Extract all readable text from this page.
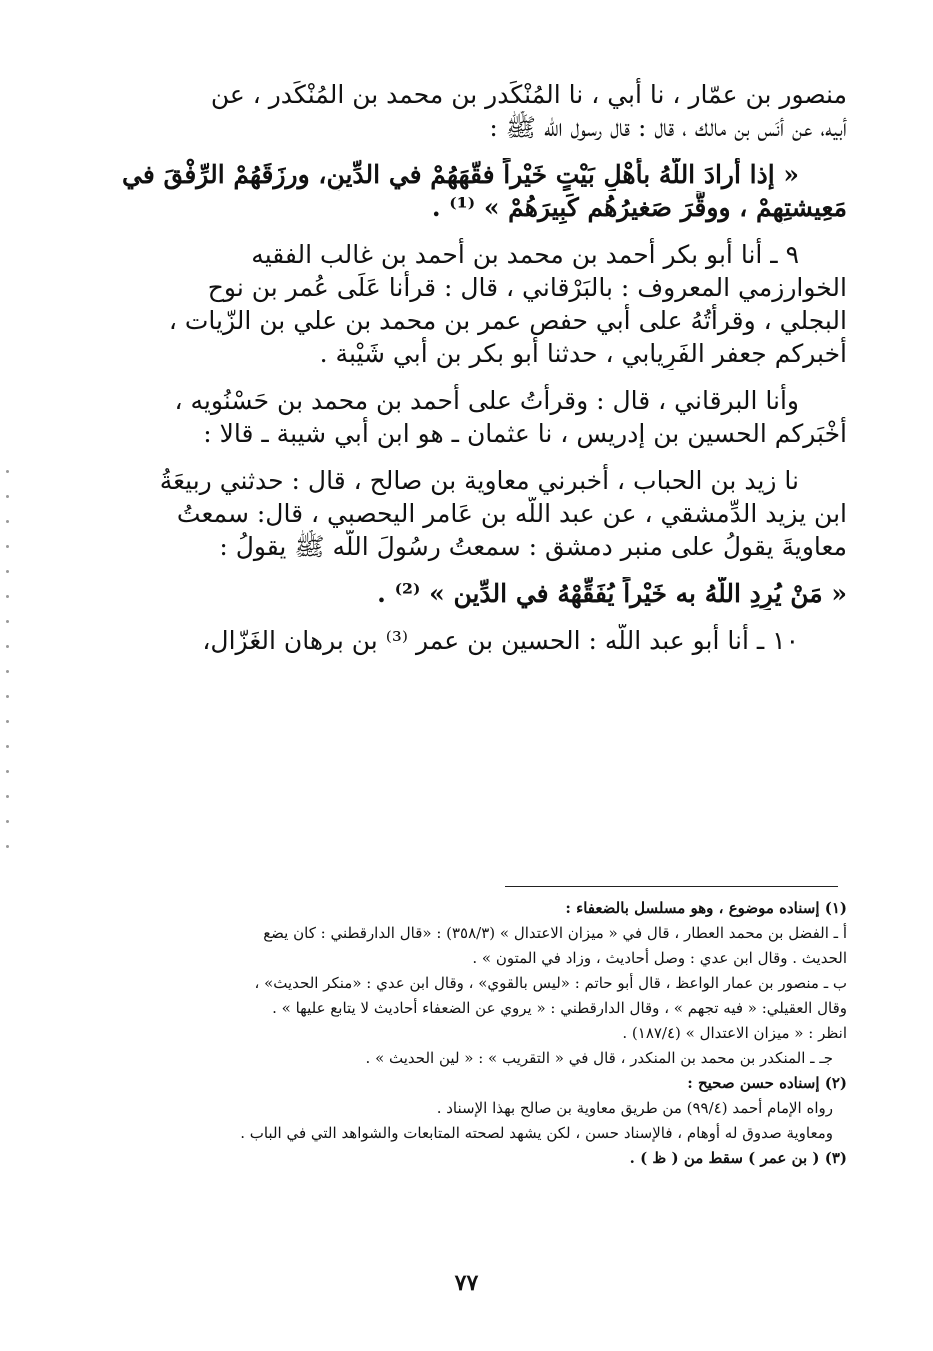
منصور بن عمّار ، نا أبي ، نا المُنْكَدر بن محمد بن المُنْكَدر ، عن
أبيه، عن أنَس بن مالك ، قال : قال رسول اللّه ﷺ :
« إذا أرادَ اللّهُ بأهْلِ بَيْتٍ خَيْراً فقّهَهُمْ في الدِّينِ، ورزَقَهُمْ الرِّفْقَ في
مَعِيشتِهِمْ ، ووقَّرَ صَغيرُهُم كَبِيرَهُمْ » ⁽¹⁾ .
٩ ـ أنا أبو بكر أحمد بن محمد بن أحمد بن غالب الفقيه
الخوارزمي المعروف : بالبَرْقاني ، قال : قرأنا عَلَى عُمر بن نوح
البجلي ، وقرأتُهُ على أبي حفص عمر بن محمد بن علي بن الزّيات ،
أخبركم جعفر الفَرِيابي ، حدثنا أبو بكر بن أبي شَيْبة .
وأنا البرقاني ، قال : وقرأتُ على أحمد بن محمد بن حَسْنُويه ،
أخْبَركم الحسين بن إدريس ، نا عثمان ـ هو ابن أبي شيبة ـ قالا :
نا زيد بن الحباب ، أخبرني معاوية بن صالح ، قال : حدثني ربيعَةُ
ابن يزيد الدِّمشقي ، عن عبد اللّه بن عَامر اليحصبي ، قال: سمعتُ
معاويةَ يقولُ على منبر دمشق : سمعتُ رسُولَ اللّه ﷺ يقولُ :
« مَنْ يُرِدِ اللّهُ به خَيْراً يُفَقِّهْهُ في الدِّين » ⁽²⁾ .
١٠ ـ أنا أبو عبد اللّه : الحسين بن عمر ⁽³⁾ بن برهان الغَزّال،
(١) إسناده موضوع ، وهو مسلسل بالضعفاء :
أ ـ الفضل بن محمد العطار ، قال في « ميزان الاعتدال » (٣٥٨/٣) : «قال الدارقطني : كان يضع
الحديث . وقال ابن عدي : وصل أحاديث ، وزاد في المتون » .
ب ـ منصور بن عمار الواعظ ، قال أبو حاتم : «ليس بالقوي» ، وقال ابن عدي : «منكر الحديث» ،
وقال العقيلي: « فيه تجهم » ، وقال الدارقطني : « يروي عن الضعفاء أحاديث لا يتابع عليها » .
انظر : « ميزان الاعتدال » (١٨٧/٤) .
جـ ـ المنكدر بن محمد بن المنكدر ، قال في « التقريب » : « لين الحديث » .
(٢) إسناده حسن صحيح :
رواه الإمام أحمد (٩٩/٤) من طريق معاوية بن صالح بهذا الإسناد .
ومعاوية صدوق له أوهام ، فالإسناد حسن ، لكن يشهد لصحته المتابعات والشواهد التي في الباب .
(٣) ( بن عمر ) سقط من ( ظ ) .
٧٧
